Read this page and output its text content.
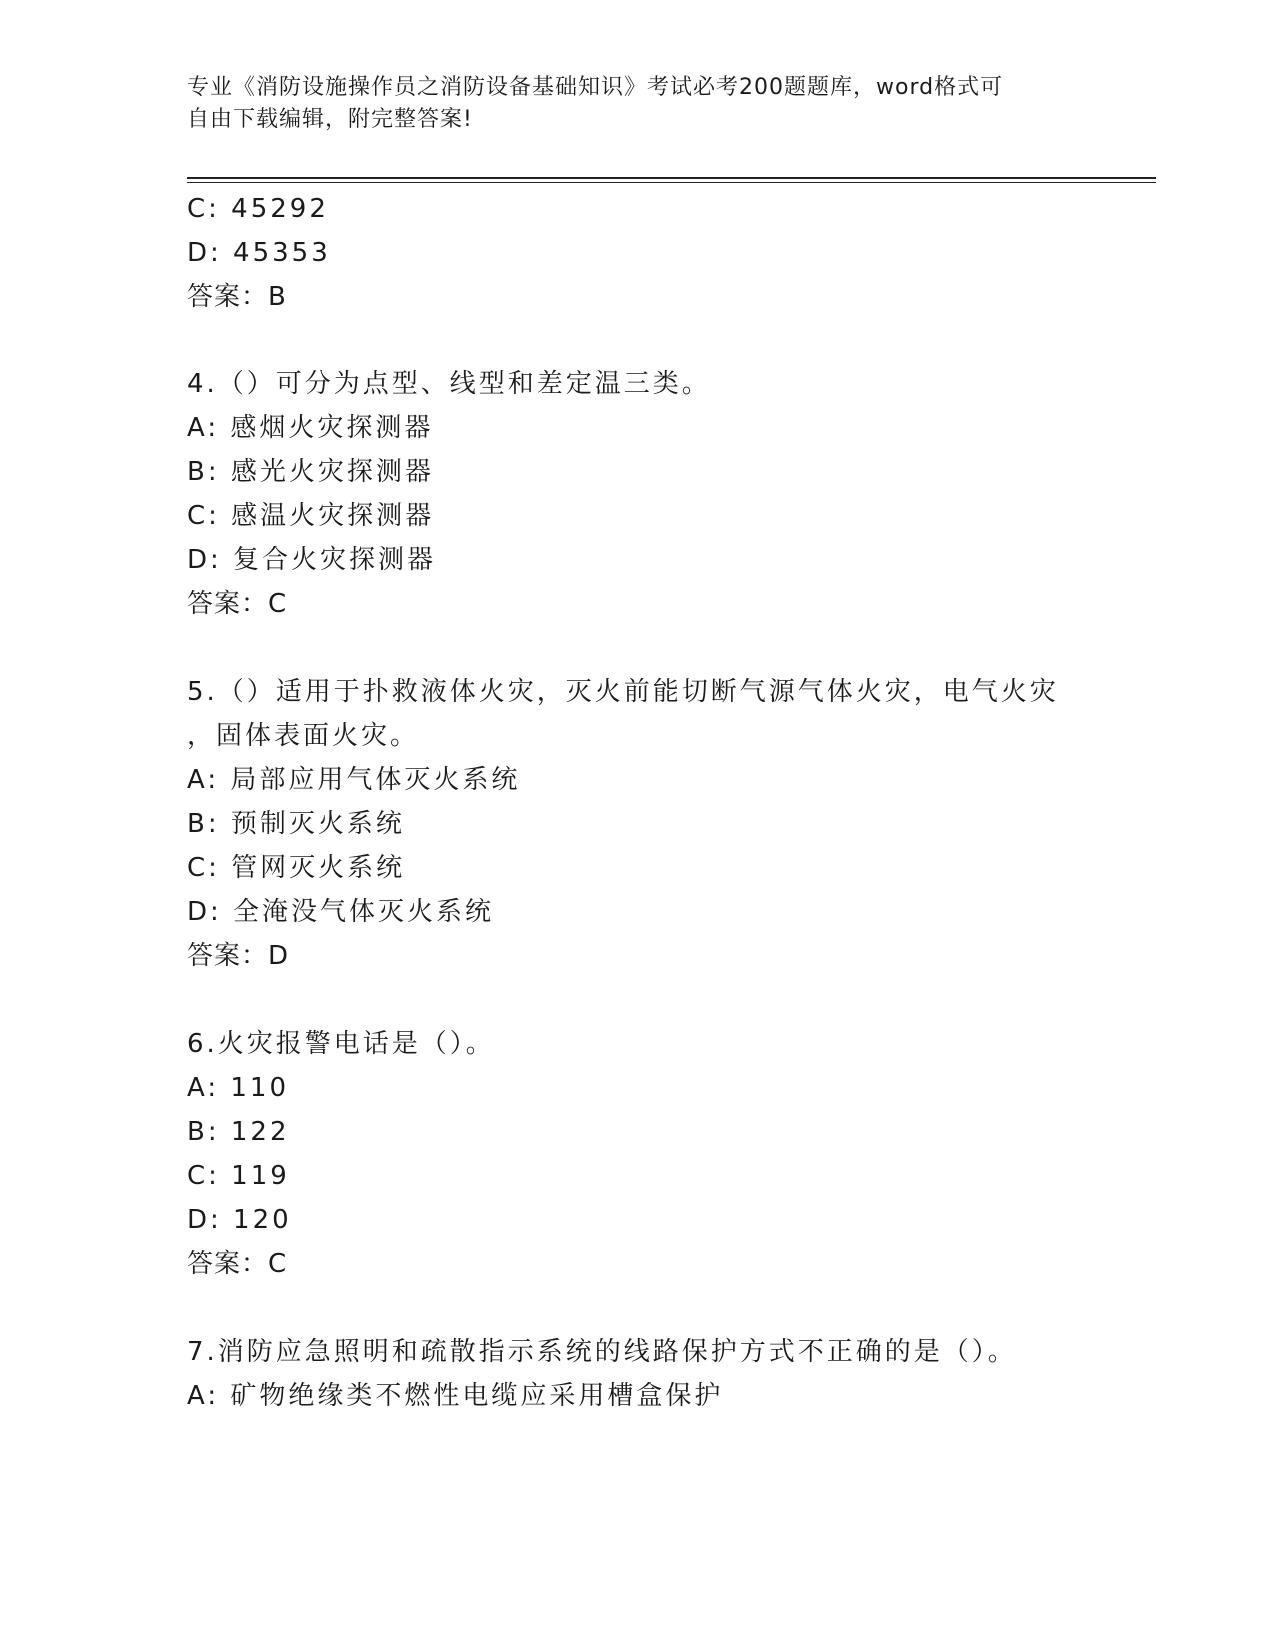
专业《消防设施操作员之消防设备基础知识》考试必考200题题库，word格式可
自由下载编辑，附完整答案!
C: 45292
D: 45353
答案：B
4.（）可分为点型、线型和差定温三类。
A: 感烟火灾探测器
B: 感光火灾探测器
C: 感温火灾探测器
D: 复合火灾探测器
答案：C
5.（）适用于扑救液体火灾，灭火前能切断气源气体火灾，电气火灾
，固体表面火灾。
A: 局部应用气体灭火系统
B: 预制灭火系统
C: 管网灭火系统
D: 全淹没气体灭火系统
答案：D
6.火灾报警电话是（）。
A: 110
B: 122
C: 119
D: 120
答案：C
7.消防应急照明和疏散指示系统的线路保护方式不正确的是（）。
A: 矿物绝缘类不燃性电缆应采用槽盒保护
